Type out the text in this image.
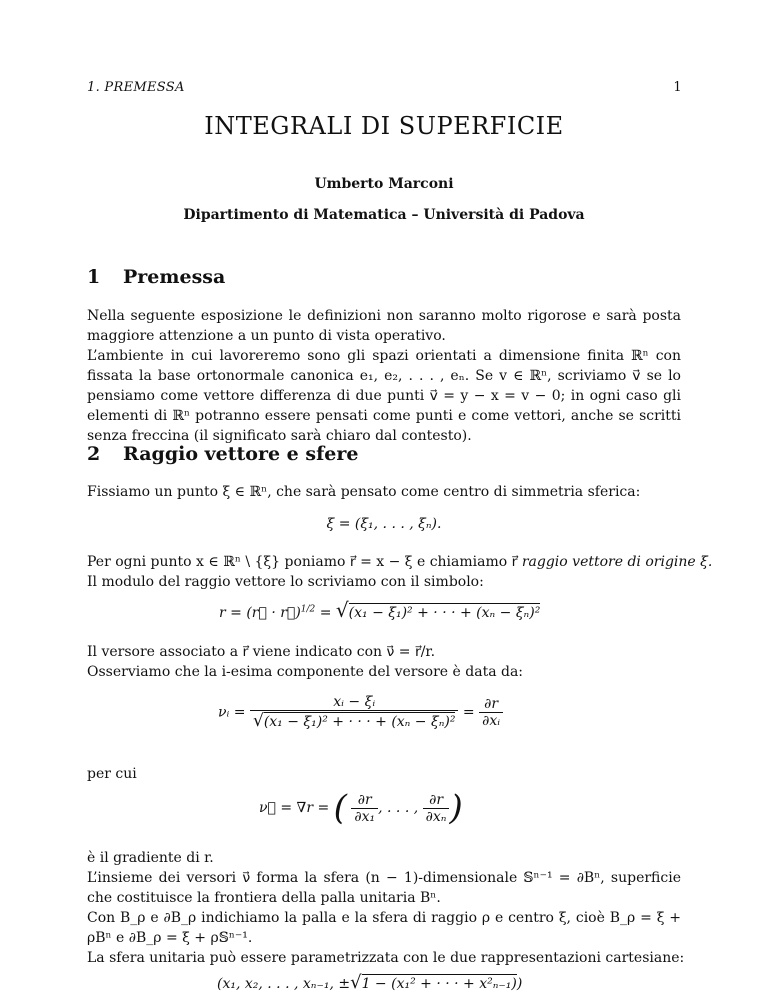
1. PREMESSA	1
INTEGRALI DI SUPERFICIE
Umberto Marconi
Dipartimento di Matematica – Università di Padova
1 Premessa
Nella seguente esposizione le definizioni non saranno molto rigorose e sarà posta maggiore attenzione a un punto di vista operativo.
L’ambiente in cui lavoreremo sono gli spazi orientati a dimensione finita ℝⁿ con fissata la base ortonormale canonica e₁, e₂, . . . , eₙ. Se v ∈ ℝⁿ, scriviamo v⃗ se lo pensiamo come vettore differenza di due punti v⃗ = y − x = v − 0; in ogni caso gli elementi di ℝⁿ potranno essere pensati come punti e come vettori, anche se scritti senza freccina (il significato sarà chiaro dal contesto).
2 Raggio vettore e sfere
Fissiamo un punto ξ ∈ ℝⁿ, che sarà pensato come centro di simmetria sferica:
ξ = (ξ₁, . . . , ξₙ).
Per ogni punto x ∈ ℝⁿ \ {ξ} poniamo r⃗ = x − ξ e chiamiamo r⃗ raggio vettore di origine ξ.
Il modulo del raggio vettore lo scriviamo con il simbolo:
r = (r⃗ · r⃗)$^{1/2}$ = √(x₁ − ξ₁)² + · · · + (xₙ − ξₙ)²
Il versore associato a r⃗ viene indicato con ν⃗ = r⃗/r.
Osserviamo che la i-esima componente del versore è data da:
νᵢ = $\frac{\text{xᵢ − ξᵢ}}{\text{√(x₁ − ξ₁)² + · · · + (xₙ − ξₙ)²}} = \frac{\partial r}{\text{∂xᵢ}}$
per cui
ν⃗ = ∇r = ( $\frac{\partial r}{\text{∂x₁}}$ , . . . , $\frac{\partial r}{\text{∂xₙ}}$ )
è il gradiente di r.
L’insieme dei versori ν⃗ forma la sfera (n − 1)-dimensionale 𝕊ⁿ⁻¹ = ∂Bⁿ, superficie che costituisce la frontiera della palla unitaria Bⁿ.
Con B_ρ e ∂B_ρ indichiamo la palla e la sfera di raggio ρ e centro ξ, cioè B_ρ = ξ + ρBⁿ e ∂B_ρ = ξ + ρ𝕊ⁿ⁻¹.
La sfera unitaria può essere parametrizzata con le due rappresentazioni cartesiane:
(x₁, x₂, . . . , xₙ₋₁, ±√1 − (x₁² + · · · + x²ₙ₋₁))
